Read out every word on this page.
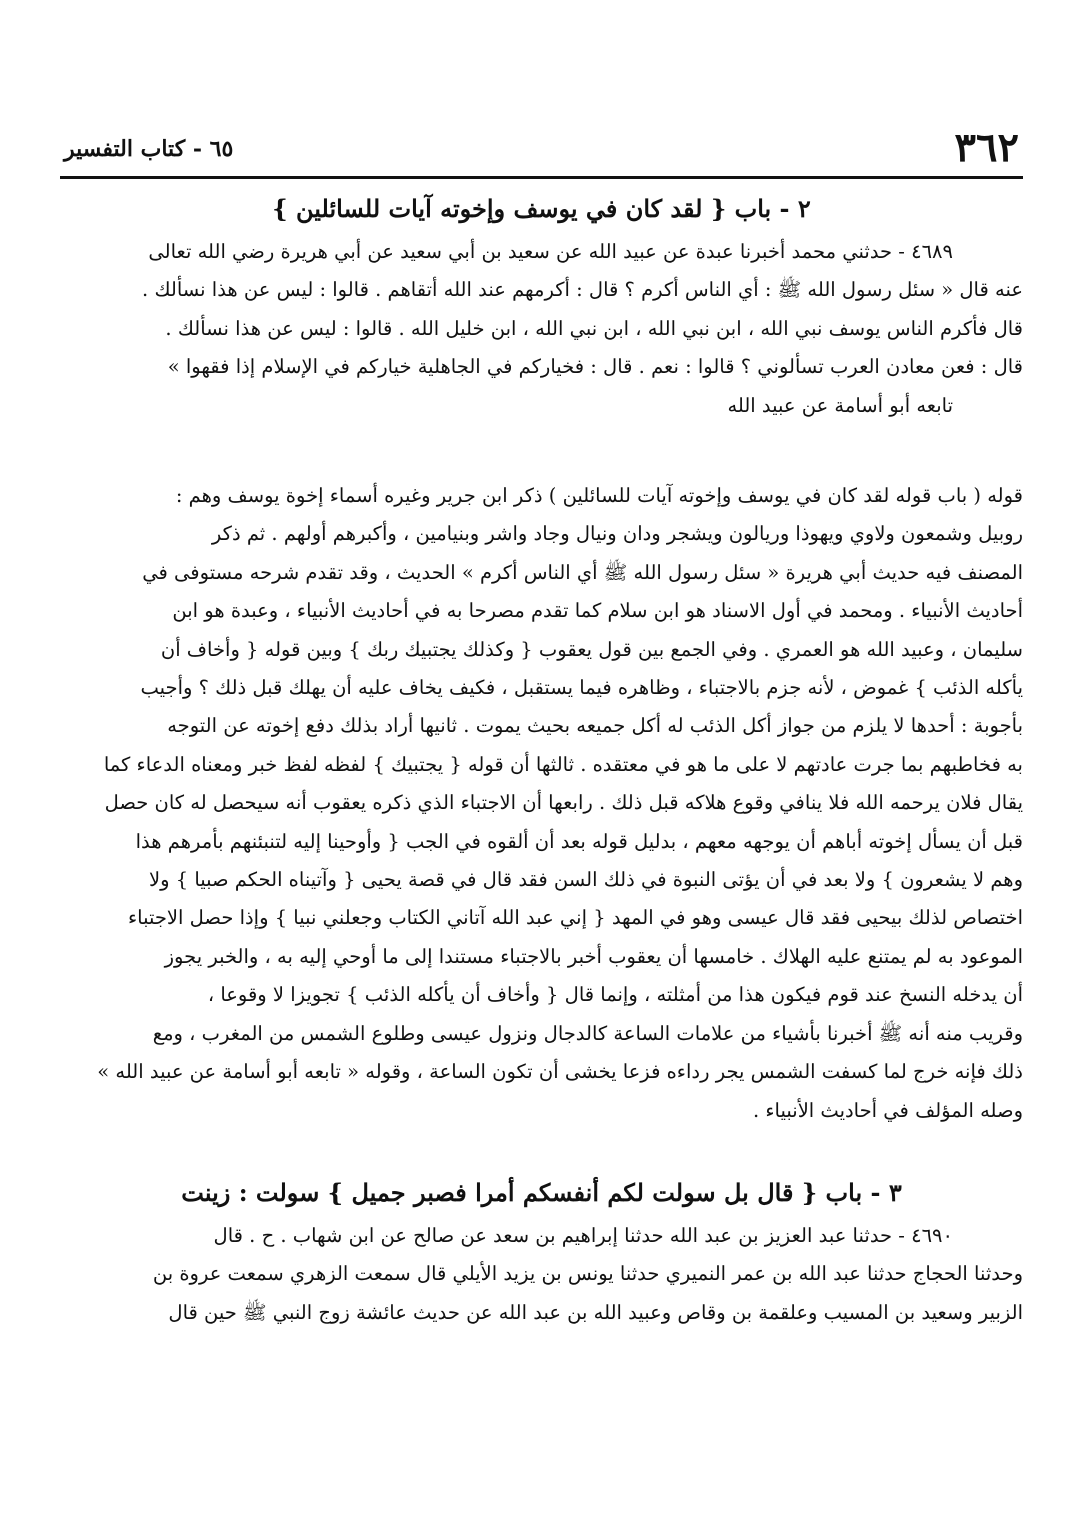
٣٦٢
٦٥ - كتاب التفسير
٢ - باب { لقد كان في يوسف وإخوته آيات للسائلين }

٤٦٨٩ - حدثني محمد أخبرنا عبدة عن عبيد الله عن سعيد بن أبي سعيد عن أبي هريرة رضي الله تعالى

عنه قال « سئل رسول الله ﷺ : أي الناس أكرم ؟ قال : أكرمهم عند الله أتقاهم . قالوا : ليس عن هذا نسألك .

قال فأكرم الناس يوسف نبي الله ، ابن نبي الله ، ابن نبي الله ، ابن خليل الله . قالوا : ليس عن هذا نسألك .

قال : فعن معادن العرب تسألوني ؟ قالوا : نعم . قال : فخياركم في الجاهلية خياركم في الإسلام إذا فقهوا »

تابعه أبو أسامة عن عبيد الله

قوله ( باب قوله لقد كان في يوسف وإخوته آيات للسائلين ) ذكر ابن جرير وغيره أسماء إخوة يوسف وهم :

روبيل وشمعون ولاوي ويهوذا وريالون ويشجر ودان ونيال وجاد واشر وبنيامين ، وأكبرهم أولهم . ثم ذكر

المصنف فيه حديث أبي هريرة « سئل رسول الله ﷺ أي الناس أكرم » الحديث ، وقد تقدم شرحه مستوفى في

أحاديث الأنبياء . ومحمد في أول الاسناد هو ابن سلام كما تقدم مصرحا به في أحاديث الأنبياء ، وعبدة هو ابن

سليمان ، وعبيد الله هو العمري . وفي الجمع بين قول يعقوب { وكذلك يجتبيك ربك } وبين قوله { وأخاف أن

يأكله الذئب } غموض ، لأنه جزم بالاجتباء ، وظاهره فيما يستقبل ، فكيف يخاف عليه أن يهلك قبل ذلك ؟ وأجيب

بأجوبة : أحدها لا يلزم من جواز أكل الذئب له أكل جميعه بحيث يموت . ثانيها أراد بذلك دفع إخوته عن التوجه

به فخاطبهم بما جرت عادتهم لا على ما هو في معتقده . ثالثها أن قوله { يجتبيك } لفظه لفظ خبر ومعناه الدعاء كما

يقال فلان يرحمه الله فلا ينافي وقوع هلاكه قبل ذلك . رابعها أن الاجتباء الذي ذكره يعقوب أنه سيحصل له كان حصل

قبل أن يسأل إخوته أباهم أن يوجهه معهم ، بدليل قوله بعد أن ألقوه في الجب { وأوحينا إليه لتنبئنهم بأمرهم هذا

وهم لا يشعرون } ولا بعد في أن يؤتى النبوة في ذلك السن فقد قال في قصة يحيى { وآتيناه الحكم صبيا } ولا

اختصاص لذلك بيحيى فقد قال عيسى وهو في المهد { إني عبد الله آتاني الكتاب وجعلني نبيا } وإذا حصل الاجتباء

الموعود به لم يمتنع عليه الهلاك . خامسها أن يعقوب أخبر بالاجتباء مستندا إلى ما أوحي إليه به ، والخبر يجوز

أن يدخله النسخ عند قوم فيكون هذا من أمثلته ، وإنما قال { وأخاف أن يأكله الذئب } تجويزا لا وقوعا ،

وقريب منه أنه ﷺ أخبرنا بأشياء من علامات الساعة كالدجال ونزول عيسى وطلوع الشمس من المغرب ، ومع

ذلك فإنه خرج لما كسفت الشمس يجر رداءه فزعا يخشى أن تكون الساعة ، وقوله « تابعه أبو أسامة عن عبيد الله »

وصله المؤلف في أحاديث الأنبياء .

٣ - باب { قال بل سولت لكم أنفسكم أمرا فصبر جميل } سولت : زينت

٤٦٩٠ - حدثنا عبد العزيز بن عبد الله حدثنا إبراهيم بن سعد عن صالح عن ابن شهاب . ح . قال

وحدثنا الحجاج حدثنا عبد الله بن عمر النميري حدثنا يونس بن يزيد الأيلي قال سمعت الزهري سمعت عروة بن

الزبير وسعيد بن المسيب وعلقمة بن وقاص وعبيد الله بن عبد الله عن حديث عائشة زوج النبي ﷺ حين قال
